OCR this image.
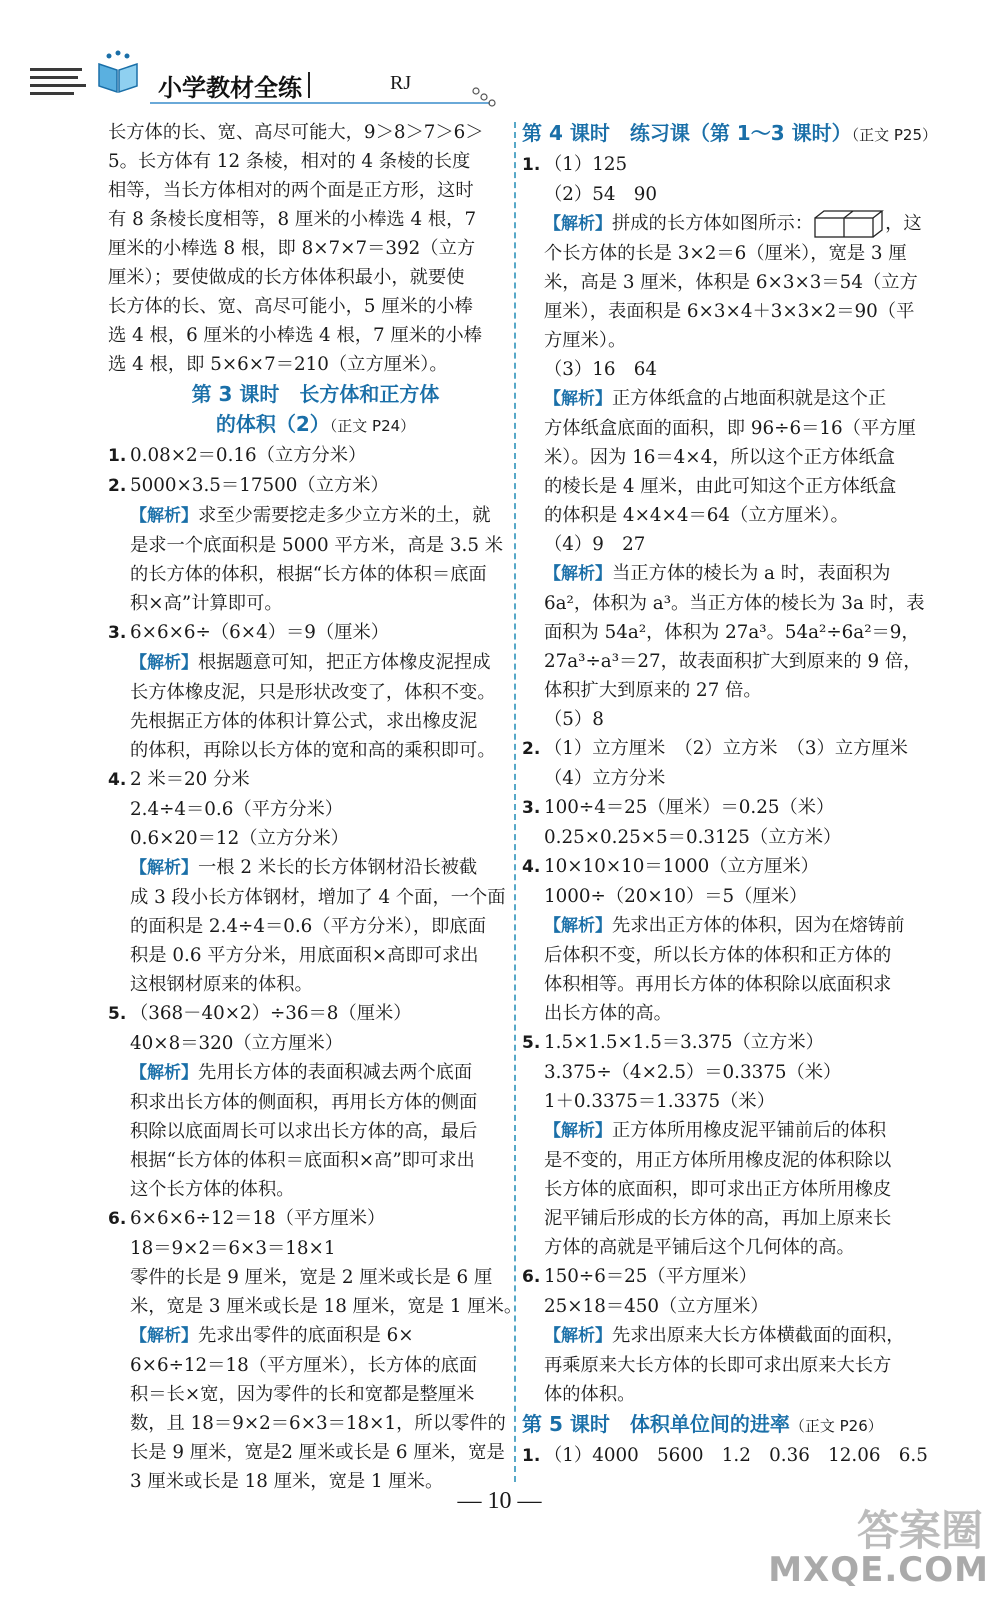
小学教材全练	RJ
长方体的长、宽、高尽可能大，9＞8＞7＞6＞
5。长方体有 12 条棱，相对的 4 条棱的长度
相等，当长方体相对的两个面是正方形，这时
有 8 条棱长度相等，8 厘米的小棒选 4 根，7
厘米的小棒选 8 根，即 8×7×7＝392（立方
厘米）；要使做成的长方体体积最小，就要使
长方体的长、宽、高尽可能小，5 厘米的小棒
选 4 根，6 厘米的小棒选 4 根，7 厘米的小棒
选 4 根，即 5×6×7＝210（立方厘米）。
第 3 课时　长方体和正方体
的体积（2）（正文 P24）
1. 0.08×2＝0.16（立方分米）
2. 5000×3.5＝17500（立方米）
【解析】求至少需要挖走多少立方米的土，就
是求一个底面积是 5000 平方米，高是 3.5 米
的长方体的体积，根据“长方体的体积＝底面
积×高”计算即可。
3. 6×6×6÷（6×4）＝9（厘米）
【解析】根据题意可知，把正方体橡皮泥捏成
长方体橡皮泥，只是形状改变了，体积不变。
先根据正方体的体积计算公式，求出橡皮泥
的体积，再除以长方体的宽和高的乘积即可。
4. 2 米＝20 分米
2.4÷4＝0.6（平方分米）
0.6×20＝12（立方分米）
【解析】一根 2 米长的长方体钢材沿长被截
成 3 段小长方体钢材，增加了 4 个面，一个面
的面积是 2.4÷4＝0.6（平方分米），即底面
积是 0.6 平方分米，用底面积×高即可求出
这根钢材原来的体积。
5. （368－40×2）÷36＝8（厘米）
40×8＝320（立方厘米）
【解析】先用长方体的表面积减去两个底面
积求出长方体的侧面积，再用长方体的侧面
积除以底面周长可以求出长方体的高，最后
根据“长方体的体积＝底面积×高”即可求出
这个长方体的体积。
6. 6×6×6÷12＝18（平方厘米）
18＝9×2＝6×3＝18×1
零件的长是 9 厘米，宽是 2 厘米或长是 6 厘
米，宽是 3 厘米或长是 18 厘米，宽是 1 厘米。
【解析】先求出零件的底面积是 6×
6×6÷12＝18（平方厘米），长方体的底面
积＝长×宽，因为零件的长和宽都是整厘米
数，且 18＝9×2＝6×3＝18×1，所以零件的
长是 9 厘米，宽是2 厘米或长是 6 厘米，宽是
3 厘米或长是 18 厘米，宽是 1 厘米。
第 4 课时　练习课（第 1～3 课时）（正文 P25）
1. （1）125
（2）54　90
【解析】拼成的长方体如图所示：	，这
个长方体的长是 3×2＝6（厘米），宽是 3 厘
米，高是 3 厘米，体积是 6×3×3＝54（立方
厘米），表面积是 6×3×4＋3×3×2＝90（平
方厘米）。
（3）16　64
【解析】正方体纸盒的占地面积就是这个正
方体纸盒底面的面积，即 96÷6＝16（平方厘
米）。因为 16＝4×4，所以这个正方体纸盒
的棱长是 4 厘米，由此可知这个正方体纸盒
的体积是 4×4×4＝64（立方厘米）。
（4）9　27
【解析】当正方体的棱长为 a 时，表面积为
6a²，体积为 a³。当正方体的棱长为 3a 时，表
面积为 54a²，体积为 27a³。54a²÷6a²＝9，
27a³÷a³＝27，故表面积扩大到原来的 9 倍，
体积扩大到原来的 27 倍。
（5）8
2. （1）立方厘米　（2）立方米　（3）立方厘米
（4）立方分米
3. 100÷4＝25（厘米）＝0.25（米）
0.25×0.25×5＝0.3125（立方米）
4. 10×10×10＝1000（立方厘米）
1000÷（20×10）＝5（厘米）
【解析】先求出正方体的体积，因为在熔铸前
后体积不变，所以长方体的体积和正方体的
体积相等。再用长方体的体积除以底面积求
出长方体的高。
5. 1.5×1.5×1.5＝3.375（立方米）
3.375÷（4×2.5）＝0.3375（米）
1＋0.3375＝1.3375（米）
【解析】正方体所用橡皮泥平铺前后的体积
是不变的，用正方体所用橡皮泥的体积除以
长方体的底面积，即可求出正方体所用橡皮
泥平铺后形成的长方体的高，再加上原来长
方体的高就是平铺后这个几何体的高。
6. 150÷6＝25（平方厘米）
25×18＝450（立方厘米）
【解析】先求出原来大长方体横截面的面积，
再乘原来大长方体的长即可求出原来大长方
体的体积。
第 5 课时　体积单位间的进率（正文 P26）
1. （1）4000　5600　1.2　0.36　12.06　6.5
— 10 —
答案圈
MXQE.COM
